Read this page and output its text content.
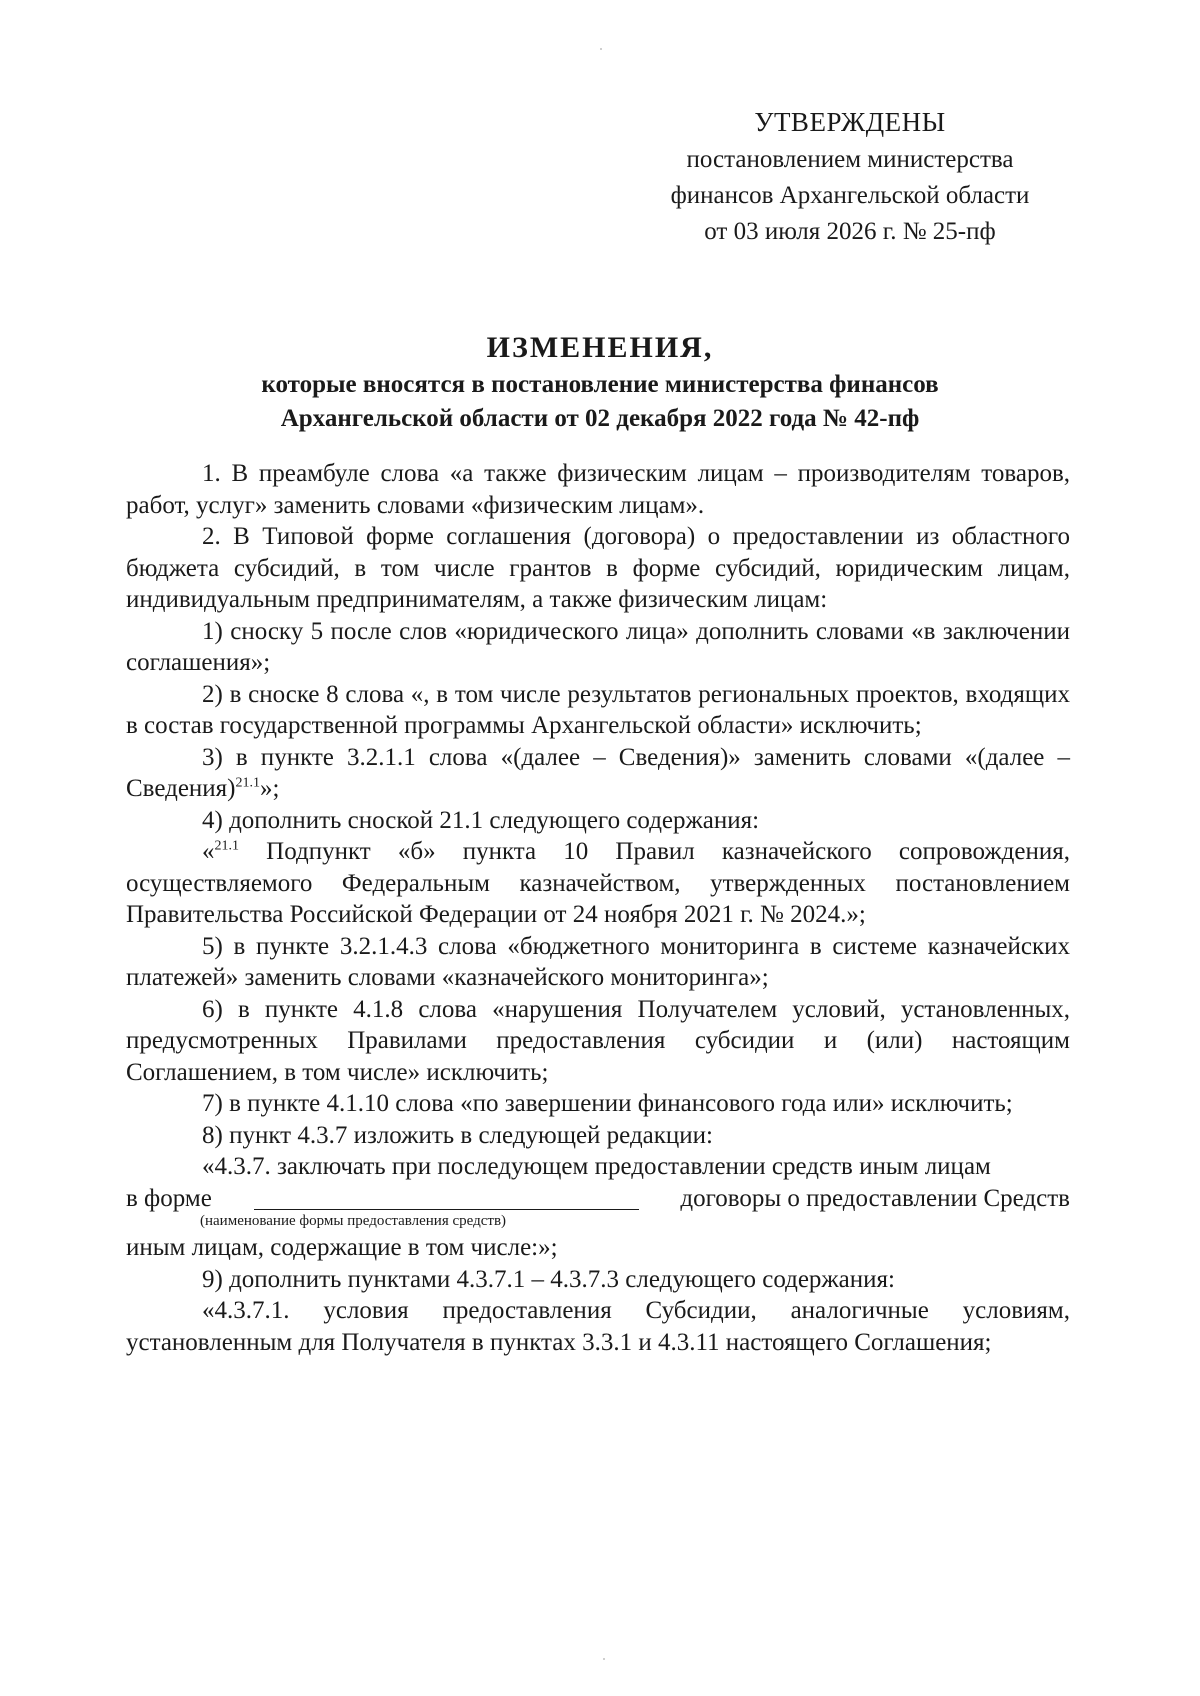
УТВЕРЖДЕНЫ
постановлением министерства
финансов Архангельской области
от 03 июля 2026 г. № 25-пф
ИЗМЕНЕНИЯ,
которые вносятся в постановление министерства финансов
Архангельской области от 02 декабря 2022 года № 42-пф

1. В преамбуле слова «а также физическим лицам – производителям товаров, работ, услуг» заменить словами «физическим лицам».

2. В Типовой форме соглашения (договора) о предоставлении из областного бюджета субсидий, в том числе грантов в форме субсидий, юридическим лицам, индивидуальным предпринимателям, а также физическим лицам:

1) сноску 5 после слов «юридического лица» дополнить словами «в заключении соглашения»;

2) в сноске 8 слова «, в том числе результатов региональных проектов, входящих в состав государственной программы Архангельской области» исключить;

3) в пункте 3.2.1.1 слова «(далее – Сведения)» заменить словами «(далее – Сведения)$^{21.1}$»;

4) дополнить сноской 21.1 следующего содержания:

«$^{21.1}$ Подпункт «б» пункта 10 Правил казначейского сопровождения, осуществляемого Федеральным казначейством, утвержденных постановлением Правительства Российской Федерации от 24 ноября 2021 г. № 2024.»;

5) в пункте 3.2.1.4.3 слова «бюджетного мониторинга в системе казначейских платежей» заменить словами «казначейского мониторинга»;

6) в пункте 4.1.8 слова «нарушения Получателем условий, установленных, предусмотренных Правилами предоставления субсидии и (или) настоящим Соглашением, в том числе» исключить;

7) в пункте 4.1.10 слова «по завершении финансового года или» исключить;

8) пункт 4.3.7 изложить в следующей редакции:

«4.3.7. заключать при последующем предоставлении средств иным лицам

в форме	договоры о предоставлении Средств
(наименование формы предоставления средств)

иным лицам, содержащие в том числе:»;

9) дополнить пунктами 4.3.7.1 – 4.3.7.3 следующего содержания:

«4.3.7.1. условия предоставления Субсидии, аналогичные условиям, установленным для Получателя в пунктах 3.3.1 и 4.3.11 настоящего Соглашения;
